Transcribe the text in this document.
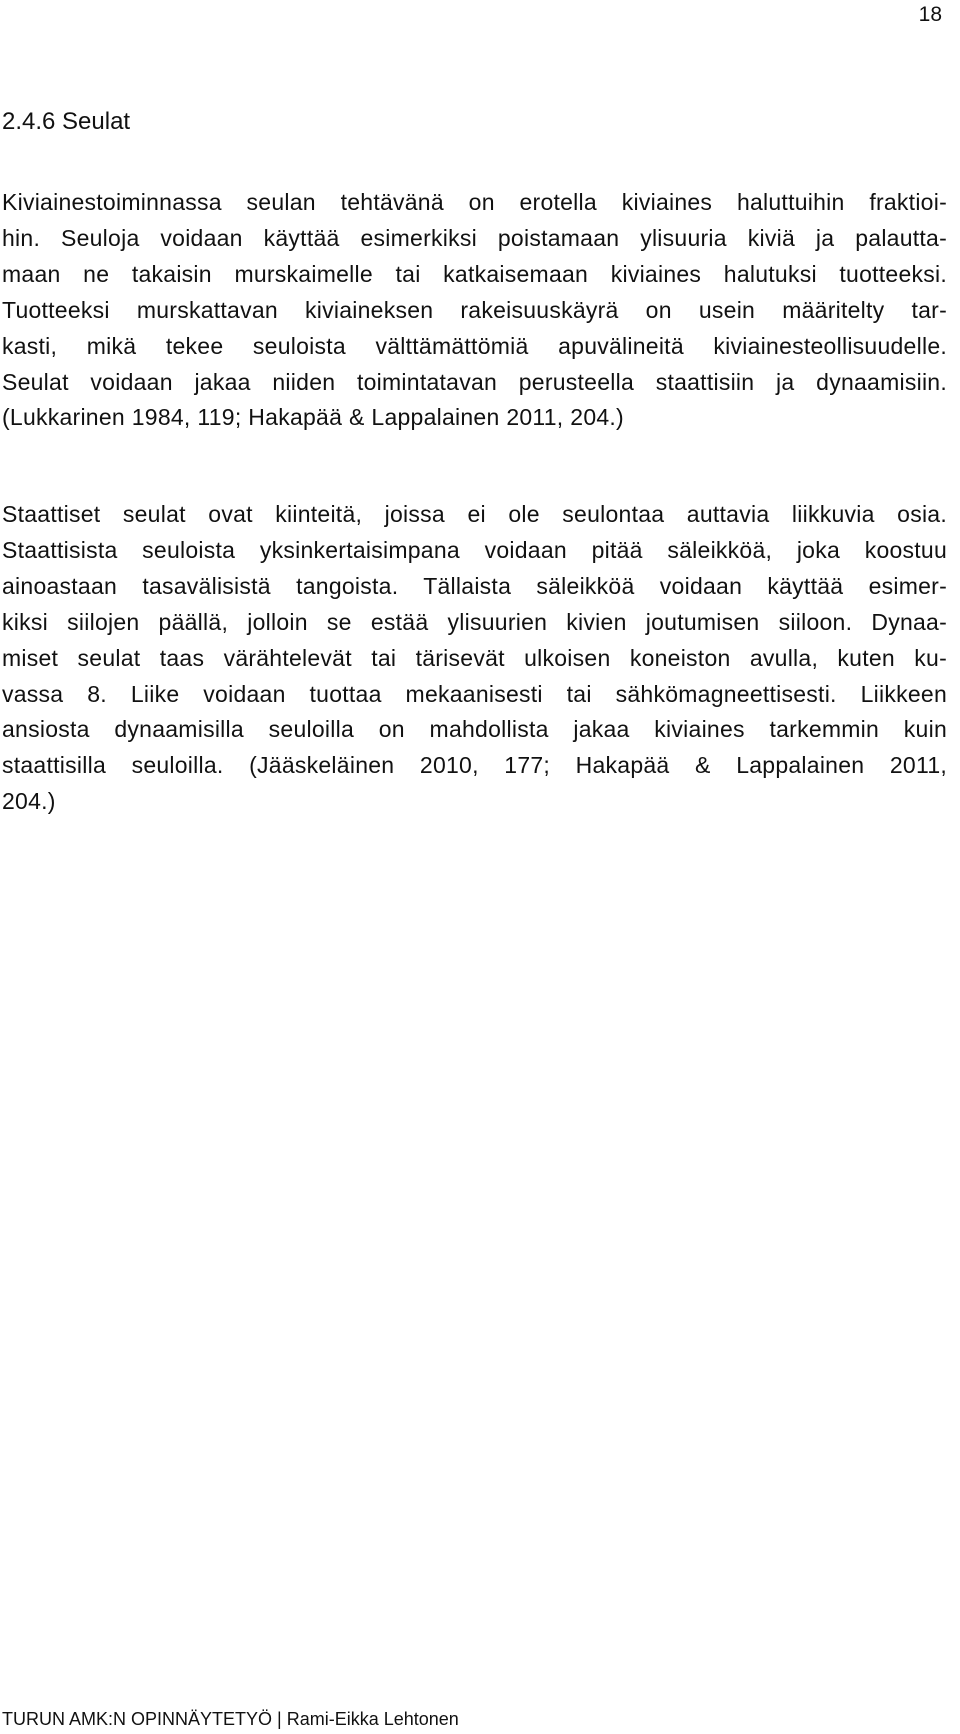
18
2.4.6 Seulat

Kiviainestoiminnassa seulan tehtävänä on erotella kiviaines haluttuihin fraktioi-
hin. Seuloja voidaan käyttää esimerkiksi poistamaan ylisuuria kiviä ja palautta-
maan ne takaisin murskaimelle tai katkaisemaan kiviaines halutuksi tuotteeksi.
Tuotteeksi murskattavan kiviaineksen rakeisuuskäyrä on usein määritelty tar-
kasti, mikä tekee seuloista välttämättömiä apuvälineitä kiviainesteollisuudelle.
Seulat voidaan jakaa niiden toimintatavan perusteella staattisiin ja dynaamisiin.
(Lukkarinen 1984, 119; Hakapää & Lappalainen 2011, 204.)

Staattiset seulat ovat kiinteitä, joissa ei ole seulontaa auttavia liikkuvia osia.
Staattisista seuloista yksinkertaisimpana voidaan pitää säleikköä, joka koostuu
ainoastaan tasavälisistä tangoista. Tällaista säleikköä voidaan käyttää esimer-
kiksi siilojen päällä, jolloin se estää ylisuurien kivien joutumisen siiloon. Dynaa-
miset seulat taas värähtelevät tai tärisevät ulkoisen koneiston avulla, kuten ku-
vassa 8. Liike voidaan tuottaa mekaanisesti tai sähkömagneettisesti. Liikkeen
ansiosta dynaamisilla seuloilla on mahdollista jakaa kiviaines tarkemmin kuin
staattisilla seuloilla. (Jääskeläinen 2010, 177; Hakapää & Lappalainen 2011,
204.)

TURUN AMK:N OPINNÄYTETYÖ | Rami-Eikka Lehtonen
